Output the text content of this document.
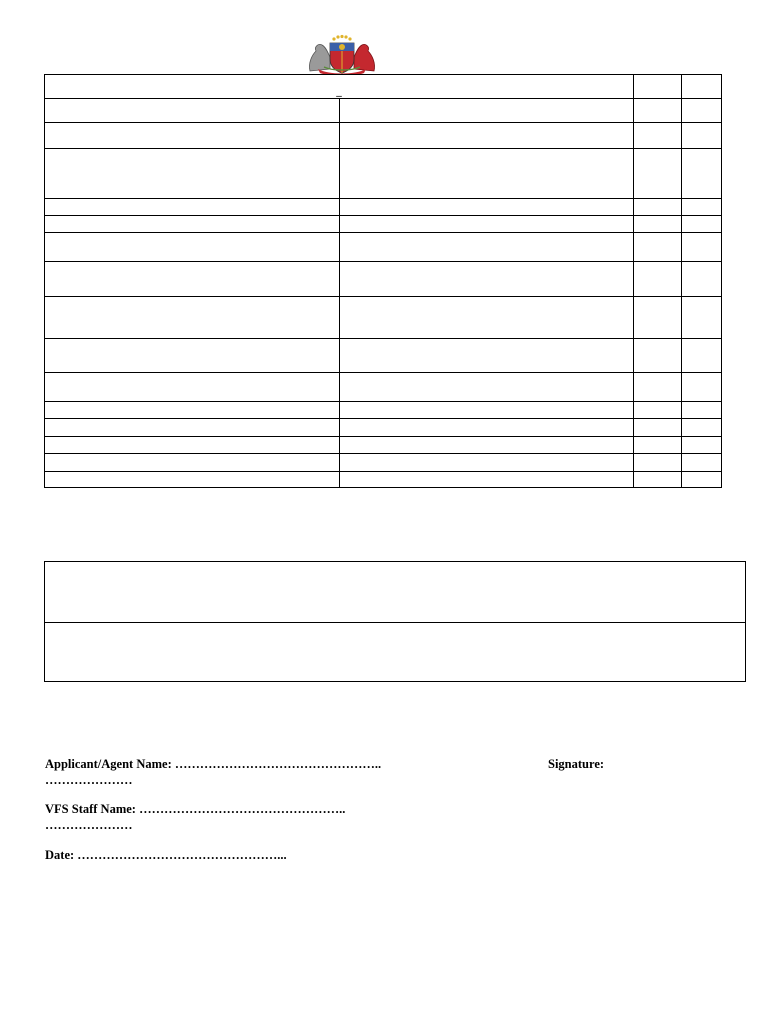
_			

Applicant/Agent Name: …………………………………………..	Signature:
…………………
VFS Staff Name: …………………………………………..
…………………
Date: …………………………………………...
